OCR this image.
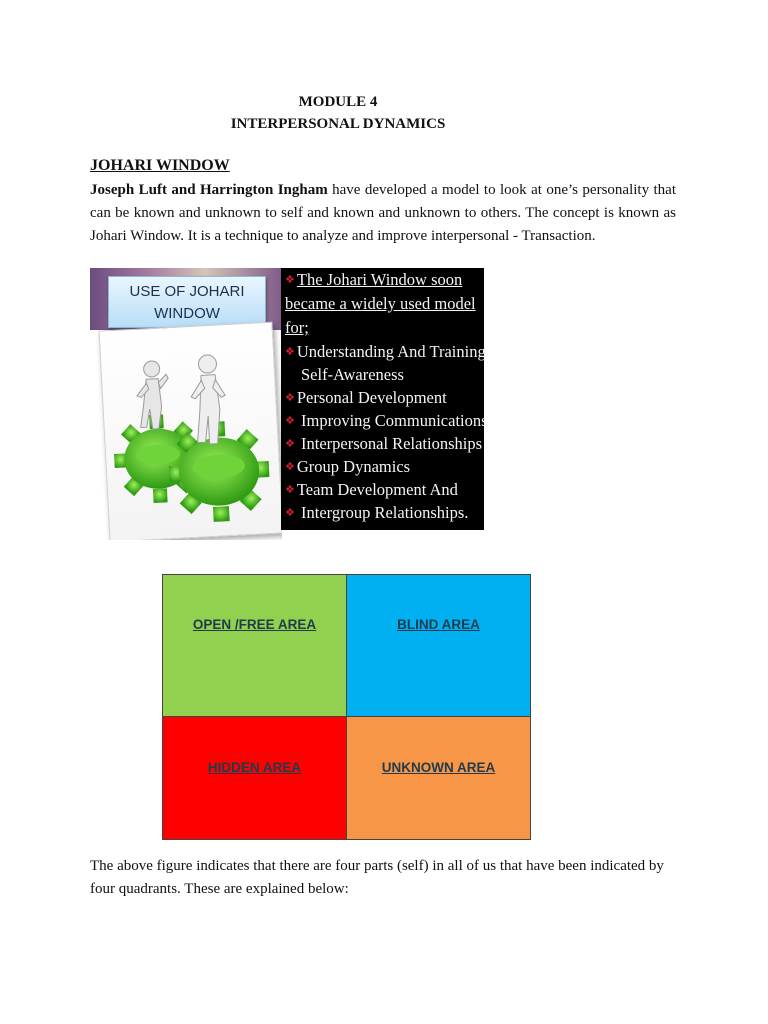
MODULE 4
INTERPERSONAL DYNAMICS
JOHARI WINDOW
Joseph Luft and Harrington Ingham have developed a model to look at one’s personality that can be known and unknown to self and known and unknown to others. The concept is known as Johari Window. It is a technique to analyze and improve interpersonal - Transaction.
USE OF JOHARI
WINDOW
❖ The Johari Window soon
became a widely used model
for;
❖ Understanding And Training
Self-Awareness
❖ Personal Development
❖ Improving Communications
❖ Interpersonal Relationships
❖ Group Dynamics
❖ Team Development And
❖ Intergroup Relationships.
OPEN /FREE AREA	BLIND AREA
HIDDEN AREA	UNKNOWN AREA
The above figure indicates that there are four parts (self) in all of us that have been indicated by four quadrants. These are explained below:
